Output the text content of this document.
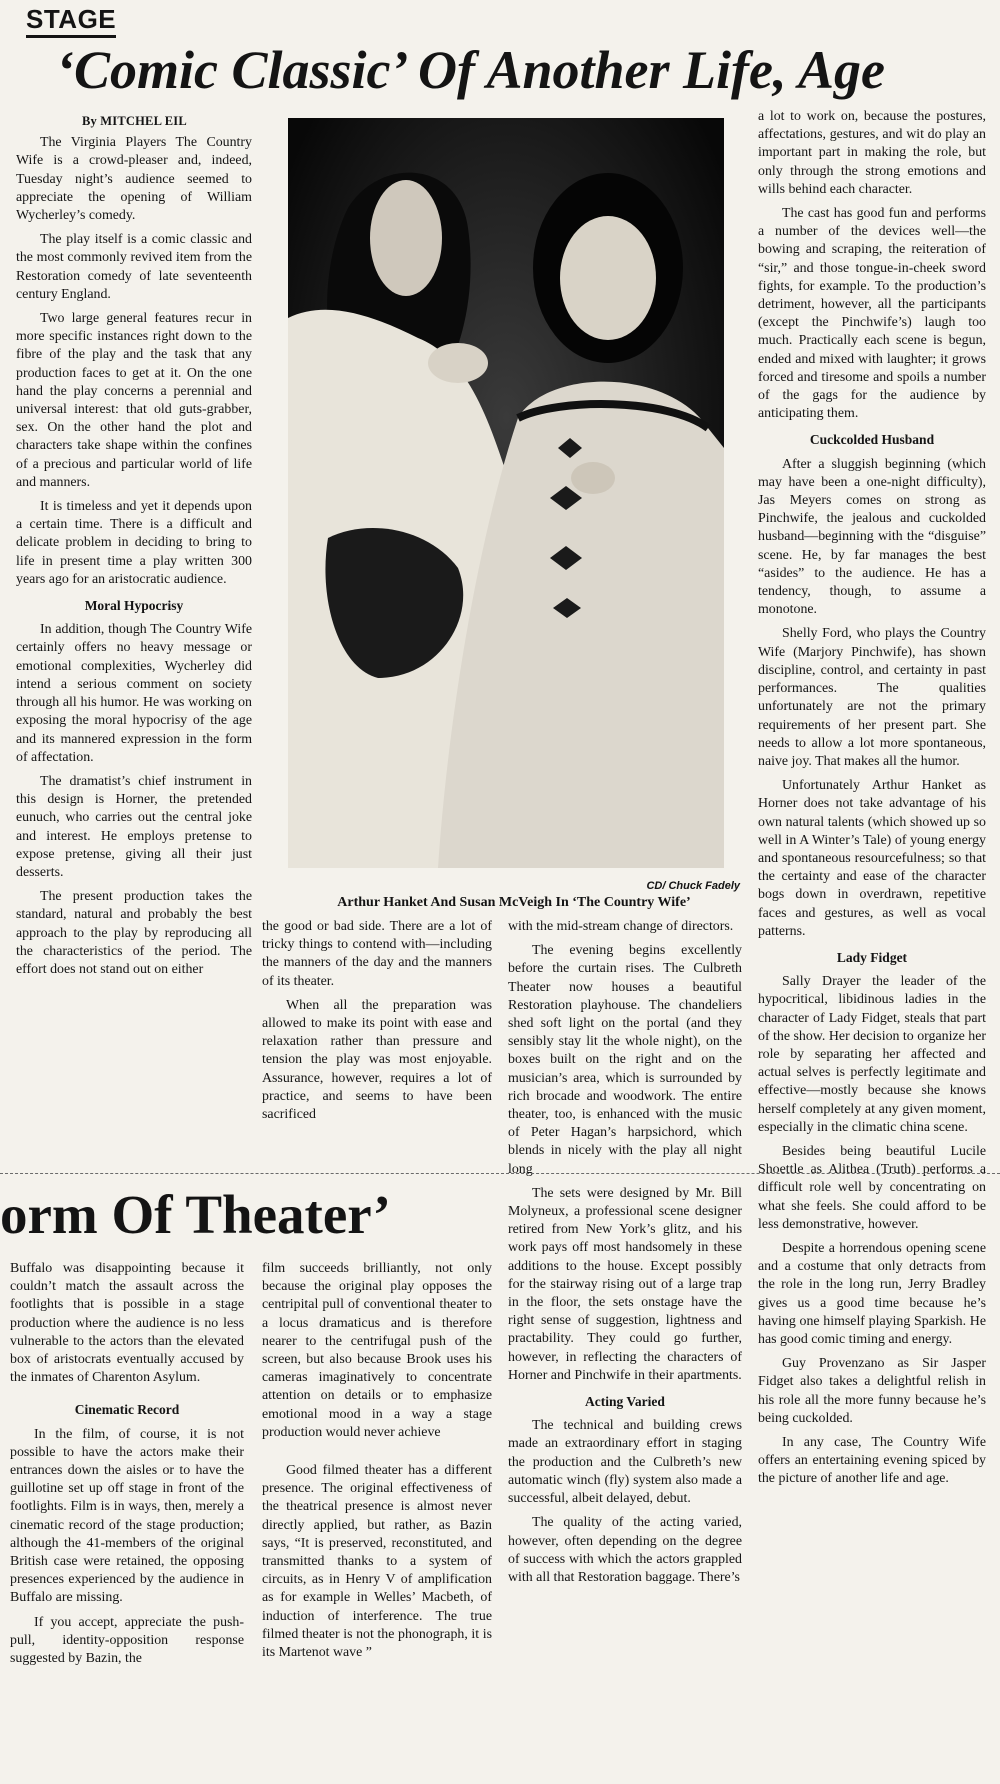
STAGE
‘Comic Classic’ Of Another Life, Age
By MITCHEL EIL

The Virginia Players The Country Wife is a crowd-pleaser and, indeed, Tuesday night’s audience seemed to appreciate the opening of William Wycherley’s comedy.

The play itself is a comic classic and the most commonly revived item from the Restoration comedy of late seventeenth century England.

Two large general features recur in more specific instances right down to the fibre of the play and the task that any production faces to get at it. On the one hand the play concerns a perennial and universal interest: that old guts-grabber, sex. On the other hand the plot and characters take shape within the confines of a precious and particular world of life and manners.

It is timeless and yet it depends upon a certain time. There is a difficult and delicate problem in deciding to bring to life in present time a play written 300 years ago for an aristocratic audience.

Moral Hypocrisy

In addition, though The Country Wife certainly offers no heavy message or emotional complexities, Wycherley did intend a serious comment on society through all his humor. He was working on exposing the moral hypocrisy of the age and its mannered expression in the form of affectation.

The dramatist’s chief instrument in this design is Horner, the pretended eunuch, who carries out the central joke and interest. He employs pretense to expose pretense, giving all their just desserts.

The present production takes the standard, natural and probably the best approach to the play by reproducing all the characteristics of the period. The effort does not stand out on either

CD/ Chuck Fadely
Arthur Hanket And Susan McVeigh In ‘The Country Wife’

the good or bad side. There are a lot of tricky things to contend with—including the manners of the day and the manners of its theater.

When all the preparation was allowed to make its point with ease and relaxation rather than pressure and tension the play was most enjoyable. Assurance, however, requires a lot of practice, and seems to have been sacrificed

with the mid-stream change of directors.

The evening begins excellently before the curtain rises. The Culbreth Theater now houses a beautiful Restoration playhouse. The chandeliers shed soft light on the portal (and they sensibly stay lit the whole night), on the boxes built on the right and on the musician’s area, which is surrounded by rich brocade and woodwork. The entire theater, too, is enhanced with the music of Peter Hagan’s harpsichord, which blends in nicely with the play all night long

The sets were designed by Mr. Bill Molyneux, a professional scene designer retired from New York’s glitz, and his work pays off most handsomely in these additions to the house. Except possibly for the stairway rising out of a large trap in the floor, the sets onstage have the right sense of suggestion, lightness and practability. They could go further, however, in reflecting the characters of Horner and Pinchwife in their apartments.

Acting Varied

The technical and building crews made an extraordinary effort in staging the production and the Culbreth’s new automatic winch (fly) system also made a successful, albeit delayed, debut.

The quality of the acting varied, however, often depending on the degree of success with which the actors grappled with all that Restoration baggage. There’s

a lot to work on, because the postures, affectations, gestures, and wit do play an important part in making the role, but only through the strong emotions and wills behind each character.

The cast has good fun and performs a number of the devices well—the bowing and scraping, the reiteration of “sir,” and those tongue-in-cheek sword fights, for example. To the production’s detriment, however, all the participants (except the Pinchwife’s) laugh too much. Practically each scene is begun, ended and mixed with laughter; it grows forced and tiresome and spoils a number of the gags for the audience by anticipating them.

Cuckcolded Husband

After a sluggish beginning (which may have been a one-night difficulty), Jas Meyers comes on strong as Pinchwife, the jealous and cuckolded husband—beginning with the “disguise” scene. He, by far manages the best “asides” to the audience. He has a tendency, though, to assume a monotone.

Shelly Ford, who plays the Country Wife (Marjory Pinchwife), has shown discipline, control, and certainty in past performances. The qualities unfortunately are not the primary requirements of her present part. She needs to allow a lot more spontaneous, naive joy. That makes all the humor.

Unfortunately Arthur Hanket as Horner does not take advantage of his own natural talents (which showed up so well in A Winter’s Tale) of young energy and spontaneous resourcefulness; so that the certainty and ease of the character bogs down in overdrawn, repetitive faces and gestures, as well as vocal patterns.

Lady Fidget

Sally Drayer the leader of the hypocritical, libidinous ladies in the character of Lady Fidget, steals that part of the show. Her decision to organize her role by separating her affected and actual selves is perfectly legitimate and effective—mostly because she knows herself completely at any given moment, especially in the climatic china scene.

Besides being beautiful Lucile Shoettle as Alithea (Truth) performs a difficult role well by concentrating on what she feels. She could afford to be less demonstrative, however.

Despite a horrendous opening scene and a costume that only detracts from the role in the long run, Jerry Bradley gives us a good time because he’s having one himself playing Sparkish. He has good comic timing and energy.

Guy Provenzano as Sir Jasper Fidget also takes a delightful relish in his role all the more funny because he’s being cuckolded.

In any case, The Country Wife offers an entertaining evening spiced by the picture of another life and age.

orm Of Theater’

Buffalo was disappointing because it couldn’t match the assault across the footlights that is possible in a stage production where the audience is no less vulnerable to the actors than the elevated box of aristocrats eventually accused by the inmates of Charenton Asylum.

Cinematic Record

In the film, of course, it is not possible to have the actors make their entrances down the aisles or to have the guillotine set up off stage in front of the footlights. Film is in ways, then, merely a cinematic record of the stage production; although the 41-members of the original British case were retained, the opposing presences experienced by the audience in Buffalo are missing.

If you accept, appreciate the push-pull, identity-opposition response suggested by Bazin, the

film succeeds brilliantly, not only because the original play opposes the centripital pull of conventional theater to a locus dramaticus and is therefore nearer to the centrifugal push of the screen, but also because Brook uses his cameras imaginatively to concentrate attention on details or to emphasize emotional mood in a way a stage production would never achieve

Good filmed theater has a different presence. The original effectiveness of the theatrical presence is almost never directly applied, but rather, as Bazin says, “It is preserved, reconstituted, and transmitted thanks to a system of circuits, as in Henry V of amplification as for example in Welles’ Macbeth, of induction of interference. The true filmed theater is not the phonograph, it is its Martenot wave ”
